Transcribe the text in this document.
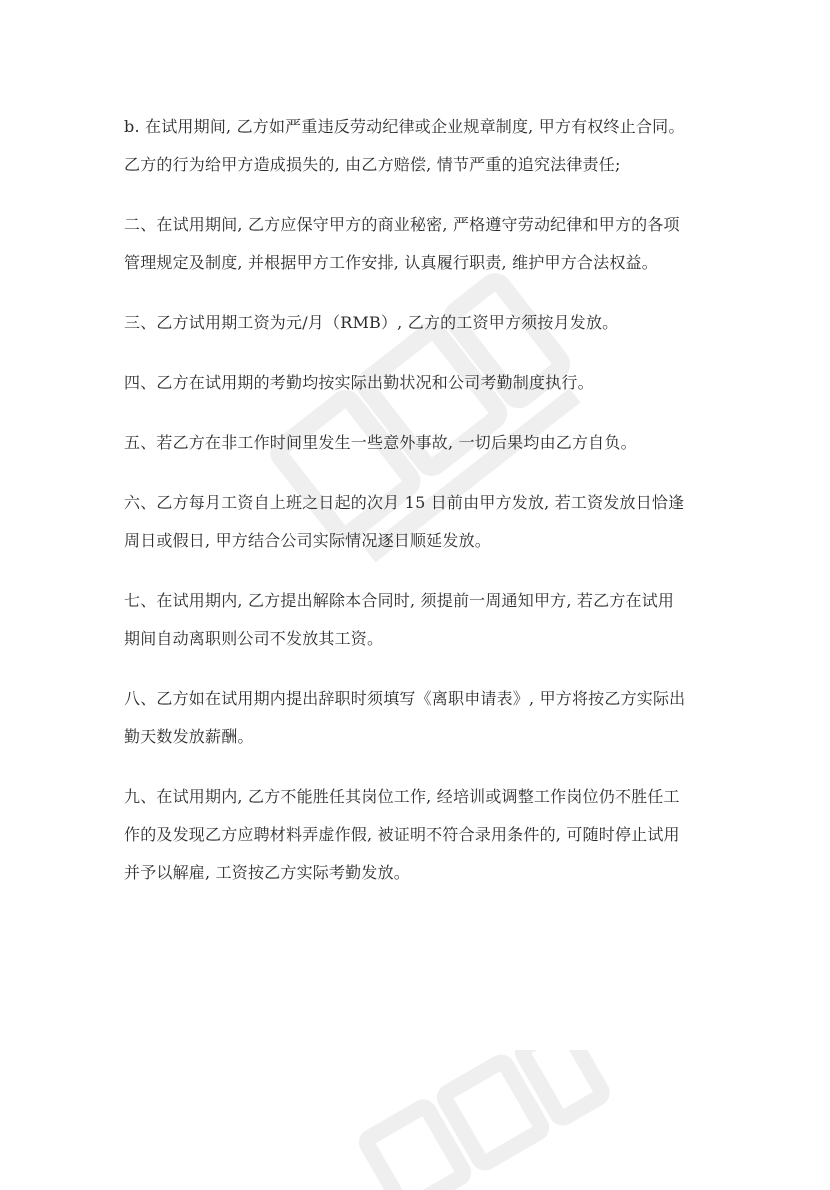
b. 在试用期间, 乙方如严重违反劳动纪律或企业规章制度, 甲方有权终止合同。
乙方的行为给甲方造成损失的, 由乙方赔偿, 情节严重的追究法律责任;

二、在试用期间, 乙方应保守甲方的商业秘密, 严格遵守劳动纪律和甲方的各项
管理规定及制度, 并根据甲方工作安排, 认真履行职责, 维护甲方合法权益。

三、乙方试用期工资为元/月（RMB）, 乙方的工资甲方须按月发放。

四、乙方在试用期的考勤均按实际出勤状况和公司考勤制度执行。

五、若乙方在非工作时间里发生一些意外事故, 一切后果均由乙方自负。

六、乙方每月工资自上班之日起的次月 15 日前由甲方发放, 若工资发放日恰逢
周日或假日, 甲方结合公司实际情况逐日顺延发放。

七、在试用期内, 乙方提出解除本合同时, 须提前一周通知甲方, 若乙方在试用
期间自动离职则公司不发放其工资。

八、乙方如在试用期内提出辞职时须填写《离职申请表》, 甲方将按乙方实际出
勤天数发放薪酬。

九、在试用期内, 乙方不能胜任其岗位工作, 经培训或调整工作岗位仍不胜任工
作的及发现乙方应聘材料弄虚作假, 被证明不符合录用条件的, 可随时停止试用
并予以解雇, 工资按乙方实际考勤发放。
